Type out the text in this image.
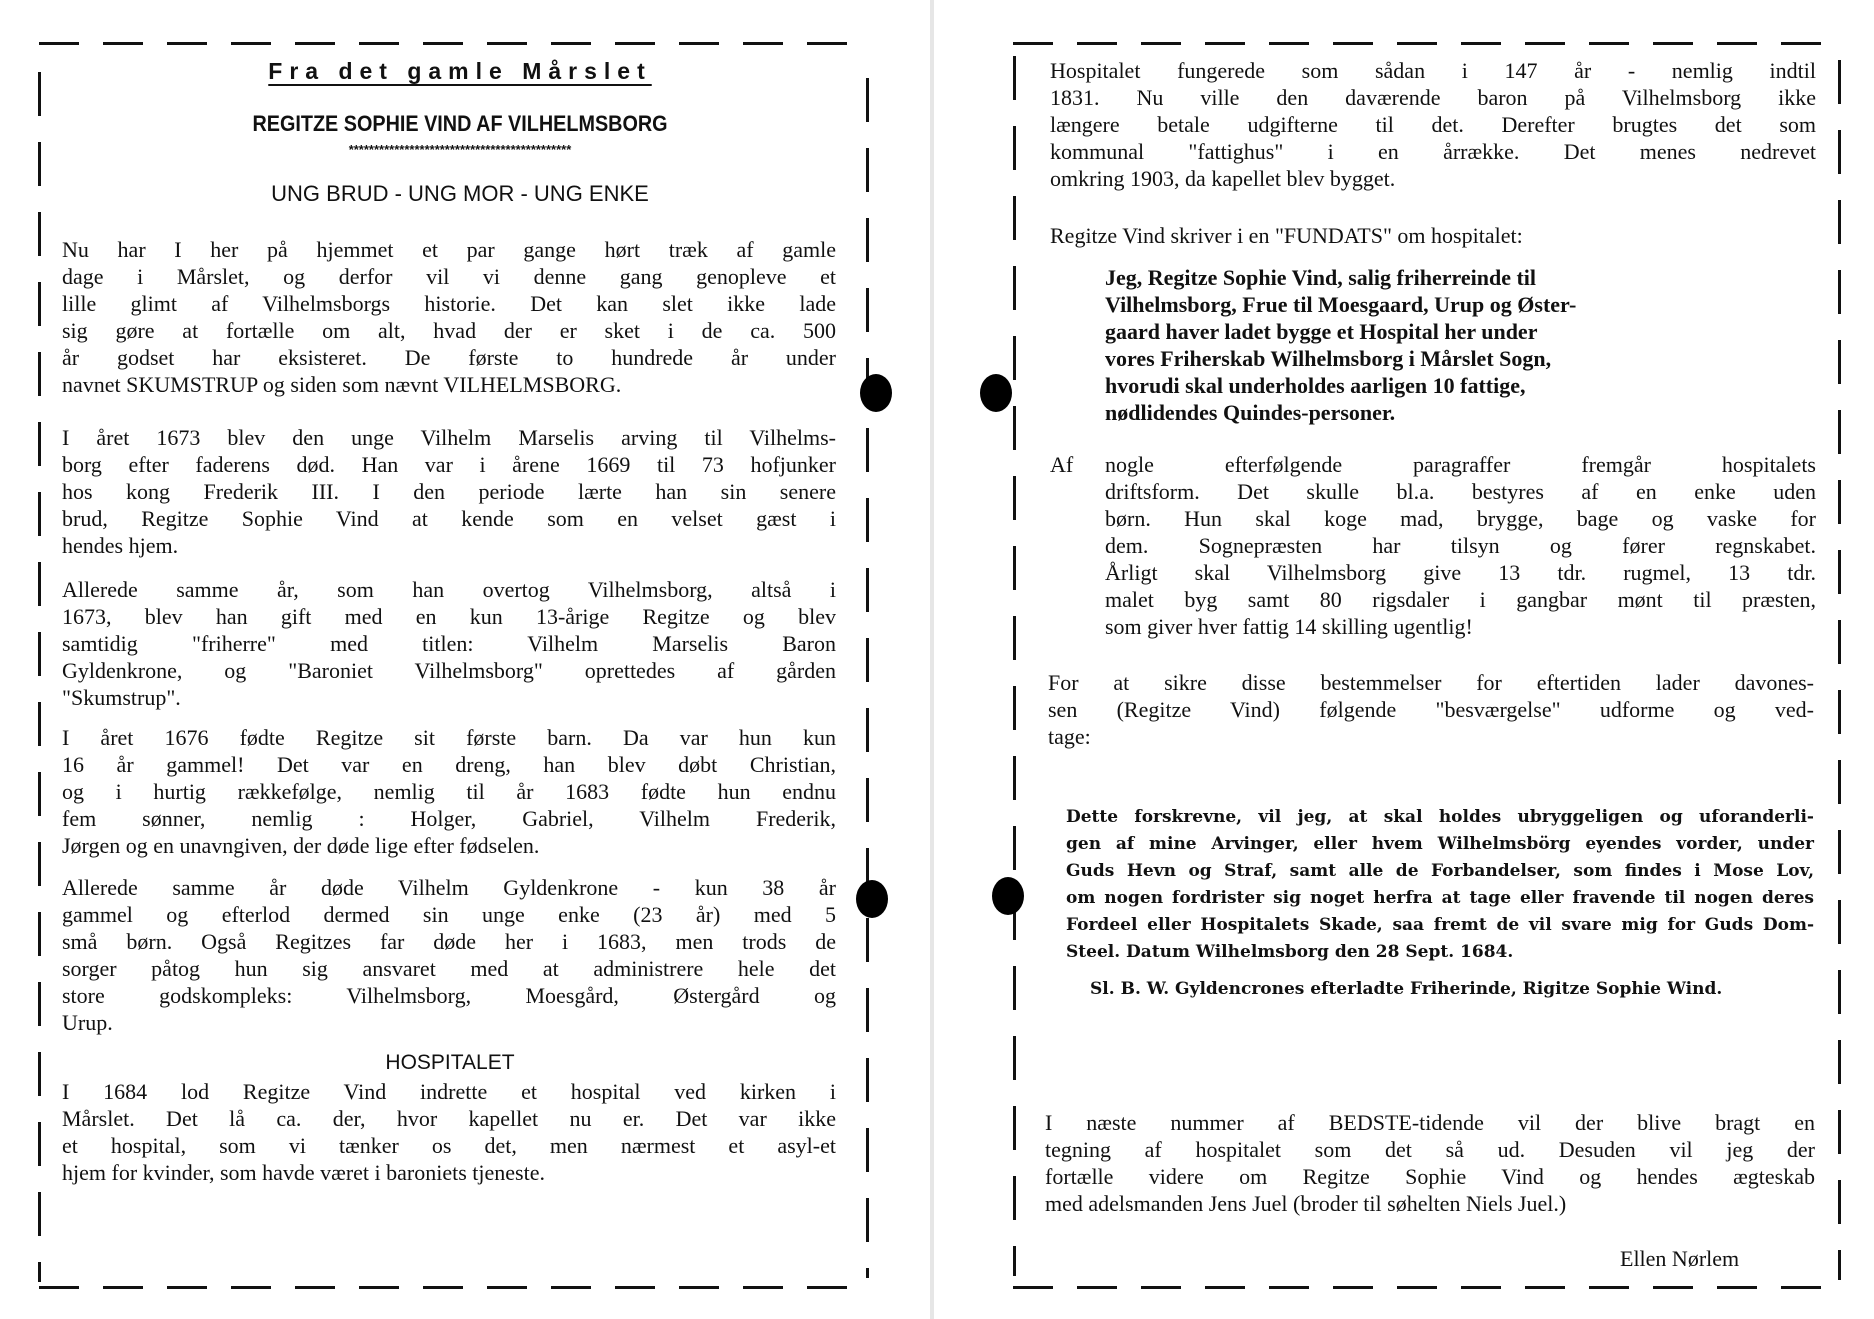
Fra det gamle Mårslet
REGITZE SOPHIE VIND AF VILHELMSBORG
********************************************
UNG BRUD - UNG MOR - UNG ENKE
Nu har I her på hjemmet et par gange hørt træk af gamle
dage i Mårslet, og derfor vil vi denne gang genopleve et
lille glimt af Vilhelmsborgs historie. Det kan slet ikke lade
sig gøre at fortælle om alt, hvad der er sket i de ca. 500
år godset har eksisteret. De første to hundrede år under
navnet SKUMSTRUP og siden som nævnt VILHELMSBORG.
I året 1673 blev den unge Vilhelm Marselis arving til Vilhelms-
borg efter faderens død. Han var i årene 1669 til 73 hofjunker
hos kong Frederik III. I den periode lærte han sin senere
brud, Regitze Sophie Vind at kende som en velset gæst i
hendes hjem.
Allerede samme år, som han overtog Vilhelmsborg, altså i
1673, blev han gift med en kun 13-årige Regitze og blev
samtidig "friherre" med titlen: Vilhelm Marselis Baron
Gyldenkrone, og "Baroniet Vilhelmsborg" oprettedes af gården
"Skumstrup".
I året 1676 fødte Regitze sit første barn. Da var hun kun
16 år gammel! Det var en dreng, han blev døbt Christian,
og i hurtig rækkefølge, nemlig til år 1683 fødte hun endnu
fem sønner, nemlig : Holger, Gabriel, Vilhelm Frederik,
Jørgen og en unavngiven, der døde lige efter fødselen.
Allerede samme år døde Vilhelm Gyldenkrone - kun 38 år
gammel og efterlod dermed sin unge enke (23 år) med 5
små børn. Også Regitzes far døde her i 1683, men trods de
sorger påtog hun sig ansvaret med at administrere hele det
store godskompleks: Vilhelmsborg, Moesgård, Østergård og
Urup.
HOSPITALET
I 1684 lod Regitze Vind indrette et hospital ved kirken i
Mårslet. Det lå ca. der, hvor kapellet nu er. Det var ikke
et hospital, som vi tænker os det, men nærmest et asyl-et
hjem for kvinder, som havde været i baroniets tjeneste.
Hospitalet fungerede som sådan i 147 år - nemlig indtil
1831. Nu ville den daværende baron på Vilhelmsborg ikke
længere betale udgifterne til det. Derefter brugtes det som
kommunal "fattighus" i en årrække. Det menes nedrevet
omkring 1903, da kapellet blev bygget.
Regitze Vind skriver i en "FUNDATS" om hospitalet:
Jeg, Regitze Sophie Vind, salig friherreinde til
Vilhelmsborg, Frue til Moesgaard, Urup og Øster-
gaard haver ladet bygge et Hospital her under
vores Friherskab Wilhelmsborg i Mårslet Sogn,
hvorudi skal underholdes aarligen 10 fattige,
nødlidendes Quindes-personer.
Af nogle efterfølgende paragraffer fremgår hospitalets
driftsform. Det skulle bl.a. bestyres af en enke uden
børn. Hun skal koge mad, brygge, bage og vaske for
dem. Sognepræsten har tilsyn og fører regnskabet.
Årligt skal Vilhelmsborg give 13 tdr. rugmel, 13 tdr.
malet byg samt 80 rigsdaler i gangbar mønt til præsten,
som giver hver fattig 14 skilling ugentlig!
For at sikre disse bestemmelser for eftertiden lader davones-
sen (Regitze Vind) følgende "besværgelse" udforme og ved-
tage:
Dette forskrevne, vil jeg, at skal holdes ubryggeligen og uforanderli-
gen af mine Arvinger, eller hvem Wilhelmsbörg eyendes vorder, under
Guds Hevn og Straf, samt alle de Forbandelser, som findes i Mose Lov,
om nogen fordrister sig noget herfra at tage eller fravende til nogen deres
Fordeel eller Hospitalets Skade, saa fremt de vil svare mig for Guds Dom-
Steel. Datum Wilhelmsborg den 28 Sept. 1684.
Sl. B. W. Gyldencrones efterladte Friherinde, Rigitze Sophie Wind.
I næste nummer af BEDSTE-tidende vil der blive bragt en
tegning af hospitalet som det så ud. Desuden vil jeg der
fortælle videre om Regitze Sophie Vind og hendes ægteskab
med adelsmanden Jens Juel (broder til søhelten Niels Juel.)
Ellen Nørlem
